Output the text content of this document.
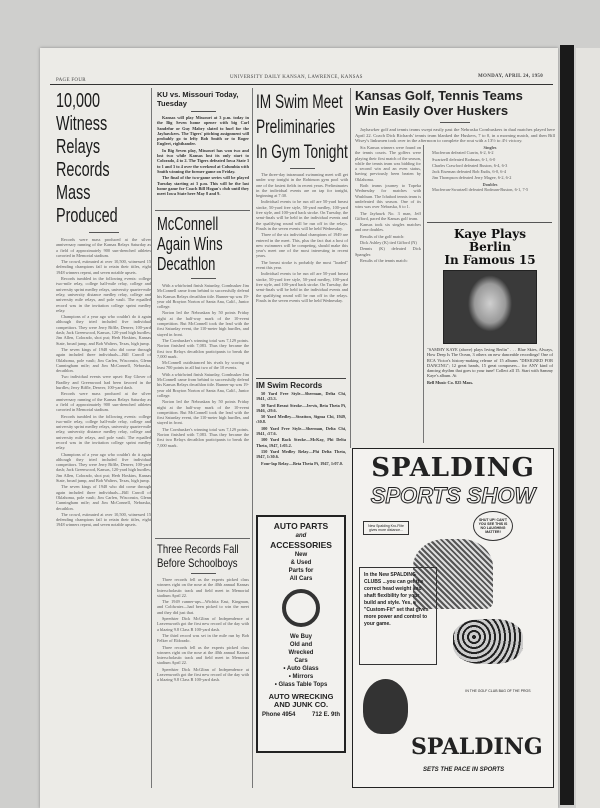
PAGE FOUR
UNIVERSITY DAILY KANSAN, LAWRENCE, KANSAS	MONDAY, APRIL 24, 1950
10,000 Witness
Relays Records
Mass Produced

Records were mass produced at the silver anniversary running of the Kansas Relays Saturday as a field of approximately 900 sun-drenched athletes cavorted in Memorial stadium.

The crowd, estimated at over 10,500, witnessed 15 defending champions fail to retain their titles, eight 1948 winners repeat, and seven notable upsets.

Records tumbled in the following events: college two-mile relay, college half-mile relay, college and university sprint medley relays, university quarter-mile relay, university distance medley relay, college and university mile relays, and pole vault. The equalled record was in the invitation college sprint medley relay.

Champions of a year ago who couldn't do it again although they tried included five individual competitors. They were Jerry Biffle, Denver, 100-yard dash; Jack Greenwood, Kansas, 120-yard high hurdles; Jim Allen, Colorado, shot put; Herb Hoskins, Kansas State, broad jump, and Bob Walters, Texas, high jump.

The seven kings of 1948 who did come through again included three individuals—Bill Carroll of Oklahoma, pole vault; Jim Carlen, Wisconsin, Glenn Cunningham mile; and Jim McConnell, Nebraska, decathlon.

Two individual events were upset: Ray Glover of Bradley and Greenwood had been favored in the hurdles; Jerry Biffle, Denver, 100-yard dash.

Records were mass produced at the silver anniversary running of the Kansas Relays Saturday as a field of approximately 900 sun-drenched athletes cavorted in Memorial stadium.

Records tumbled in the following events: college two-mile relay, college half-mile relay, college and university sprint medley relays, university quarter-mile relay, university distance medley relay, college and university mile relays, and pole vault. The equalled record was in the invitation college sprint medley relay.

Champions of a year ago who couldn't do it again although they tried included five individual competitors. They were Jerry Biffle, Denver, 100-yard dash; Jack Greenwood, Kansas, 120-yard high hurdles; Jim Allen, Colorado, shot put; Herb Hoskins, Kansas State, broad jump, and Bob Walters, Texas, high jump.

The seven kings of 1948 who did come through again included three individuals—Bill Carroll of Oklahoma, pole vault; Jim Carlen, Wisconsin, Glenn Cunningham mile; and Jim McConnell, Nebraska, decathlon.

The crowd, estimated at over 10,500, witnessed 15 defending champions fail to retain their titles, eight 1948 winners repeat, and seven notable upsets.

KU vs. Missouri Today, Tuesday

Kansas will play Missouri at 3 p.m. today in the Big Seven home opener with big Carl Sandefur or Guy Mabry slated to hurl for the Jayhawkers. The Tigers' pitching assignment will probably go to lefty Bob Smith or to Roger Englert, righthander.

In Big Seven play, Missouri has won two and lost two while Kansas lost its only start to Colorado, 4 to 2. The Tigers defeated Iowa State 3 to 1 and 3 to 4 over the weekend at Columbia with Smith winning the former game on Friday.

The final of the two-game series will be played Tuesday starting at 3 p.m. This will be the last home game for Coach Bill Hogan's club until they meet Iowa State here May 8 and 9.

McConnell Again Wins Decathlon

With a whirlwind finish Saturday, Cornhusker Jim McConnell came from behind to successfully defend his Kansas Relays decathlon title. Runner-up was 19-year old Brayton Norton of Santa Ana, Calif., Junior college.

Norton led the Nebraskan by 50 points Friday night at the half-way mark of the 10-event competition. But McConnell took the lead with the first Saturday event, the 110-meter high hurdles, and stayed in front.

The Cornhusker's winning total was 7,129 points. Norton finished with 7,083. Thus they became the first two Relays decathlon participants to break the 7,000 mark.

McConnell outdistanced his rivals by scoring at least 700 points in all but two of the 10 events.

With a whirlwind finish Saturday, Cornhusker Jim McConnell came from behind to successfully defend his Kansas Relays decathlon title. Runner-up was 19-year old Brayton Norton of Santa Ana, Calif., Junior college.

Norton led the Nebraskan by 50 points Friday night at the half-way mark of the 10-event competition. But McConnell took the lead with the first Saturday event, the 110-meter high hurdles, and stayed in front.

The Cornhusker's winning total was 7,129 points. Norton finished with 7,083. Thus they became the first two Relays decathlon participants to break the 7,000 mark.

Three Records Fall Before Schoolboys

Three records fell as the experts picked class winners right on the nose at the 40th annual Kansas Interscholastic track and field meet in Memorial stadium April 22.

The 1949 runner-ups—Wichita East, Kingman, and Coldwater—had been picked to win the meet and they did just that.

Speedster Dick McGlinn of Independence at Leavenworth got the first new record of the day with a blazing 9.8 Class B 100-yard dash.

The third record was set in the mile run by Bob Felker of Eldorado.

Three records fell as the experts picked class winners right on the nose at the 40th annual Kansas Interscholastic track and field meet in Memorial stadium April 22.

Speedster Dick McGlinn of Independence at Leavenworth got the first new record of the day with a blazing 9.8 Class B 100-yard dash.

IM Swim Meet
Preliminaries
In Gym Tonight

The three-day intramural swimming meet will get under way tonight in the Robinson gym pool with one of the fastest fields in recent years. Preliminaries in the individual events are on tap for tonight, beginning at 7:30.

Individual events to be run off are 50-yard breast stroke, 50-yard free style, 50-yard medley, 100-yard free style, and 100-yard back stroke. On Tuesday, the semi-finals will be held in the individual events and the qualifying round will be run off in the relays. Finals in the seven events will be held Wednesday.

Three of the six individual champions of 1949 are entered in the meet. This, plus the fact that a host of new swimmers will be competing, should make this year's meet one of the most interesting in recent years.

The breast stroke is probably the most "loaded" event this year.

Individual events to be run off are 50-yard breast stroke, 50-yard free style, 50-yard medley, 100-yard free style, and 100-yard back stroke. On Tuesday, the semi-finals will be held in the individual events and the qualifying round will be run off in the relays. Finals in the seven events will be held Wednesday.

IM Swim Records

50 Yard Free Style—Sherman, Delta Chi, 1941, :25.3.

50 Yard Breast Stroke—Jervis, Beta Theta Pi, 1946, :29.6.

50 Yard Medley—Stratton, Sigma Chi, 1949, :30.8.

100 Yard Free Style—Sherman, Delta Chi, 1941, :57.6.

100 Yard Back Stroke—McKay, Phi Delta Theta, 1947, 1:05.2.

150 Yard Medley Relay—Phi Delta Theta, 1947, 1:30.6.

Four-lap Relay—Beta Theta Pi, 1947, 1:07.0.

AUTO PARTS
and
ACCESSORIES
New
& Used
Parts for
All Cars
We Buy
Old and
Wrecked
Cars
• Auto Glass
• Mirrors
• Glass Table Tops
AUTO WRECKING
AND JUNK CO.
Phone 4954	712 E. 9th
Kansas Golf, Tennis Teams
Win Easily Over Huskers

Jayhawker golf and tennis teams swept easily past the Nebraska Cornhuskers in dual matches played here April 22. Coach Dick Richards' tennis team blanked the Huskers, 7 to 0, in a morning match, and then Bill Wisey's linksmen took over in the afternoon to complete the rout with a 13½ to 4½ victory.

Six Kansas winners were found on the tennis courts. The golfers were playing their first match of the season, while the tennis team was bidding for a second win and an even status, having previously been beaten by Oklahoma.

Both teams journey to Topeka Wednesday for matches with Washburn. The Ichabod tennis team is undefeated this season. One of its wins was over Nebraska, 6 to 1.

The Jayhawk No. 3 man, Jeff Gifford, paced the Kansas golf team.

Kansas took six singles matches and one doubles.

Results of the golf match:

Dick Ashley (K) tied Gifford (N)

Dennis (K) defeated Dick Spangler.

Results of the tennis match:

Singles

Macferran defeated Currin, 6-2, 6-2

Swartzell defeated Rodman, 6-1, 6-0

Charles Crawford defeated Buston, 6-4, 6-3

Jack Eiseman defeated Bob Eudis, 6-0, 6-4

Jim Thompson defeated Jerry Magee, 6-2, 6-2

Doubles

Macferran-Swartzell defeated Rodman-Buston, 6-1, 7-5

Kaye Plays
Berlin
In Famous 15

"SAMMY KAYE (above) plays Irving Berlin" . . . Blue Skies, Always, How Deep Is The Ocean, 3 others on new danceable recordings! One of RCA Victor's history-making release of 15 albums "DESIGNED FOR DANCING"; 12 great bands, 15 great composers... for ANY kind of dancing rhythm that goes to your tune! Collect all 15. Start with Sammy Kaye's album. At

Bell Music Co. 825 Mass.
SPALDING
SPORTS SHOW
New Spalding Kro-Flite gives more distance...
SHUT UP! CAN'T YOU SEE THIS IS NO LAUGHING MATTER!
In the New SPALDING CLUBS ...you can get the correct head weight and shaft flexibility for your build and style. Yes, a "Custom-Fit" set that gives more power and control to your game.
IN THE GOLF CLUB BAG OF THE PROS
SPALDING
SETS THE PACE IN SPORTS
